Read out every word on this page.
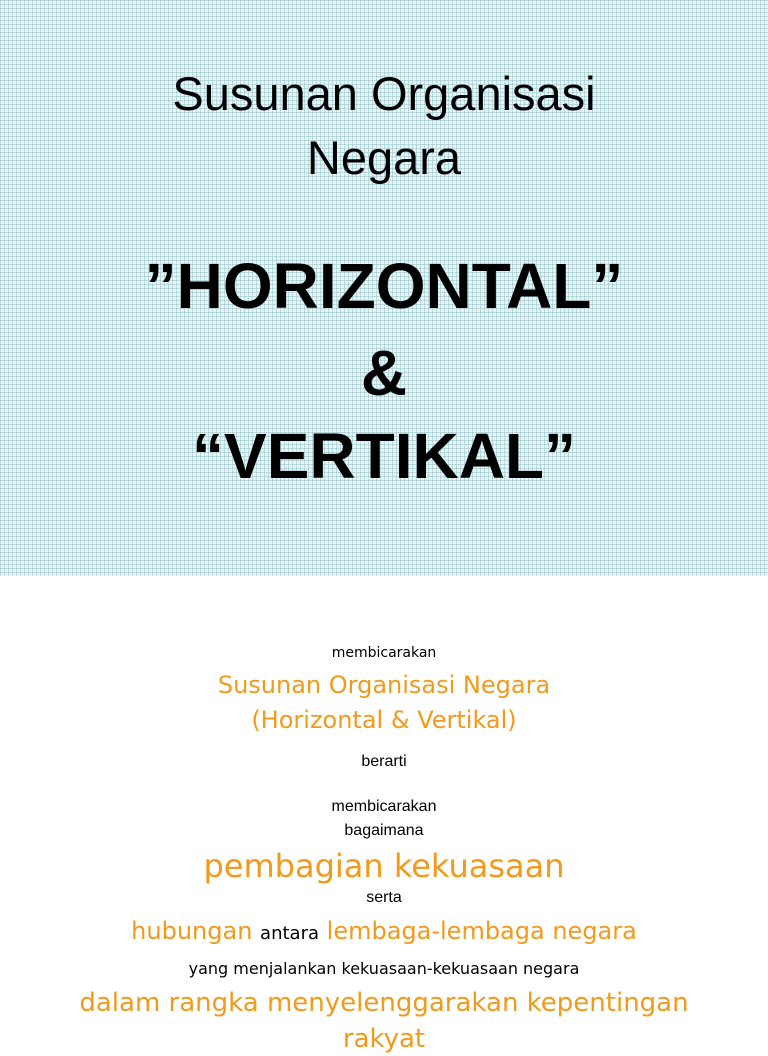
Susunan Organisasi
Negara
”HORIZONTAL”
&
“VERTIKAL”
membicarakan
Susunan Organisasi Negara
(Horizontal & Vertikal)
berarti
membicarakan
bagaimana
pembagian kekuasaan
serta
hubungan antara lembaga-lembaga negara
yang menjalankan kekuasaan-kekuasaan negara
dalam rangka menyelenggarakan kepentingan
rakyat
